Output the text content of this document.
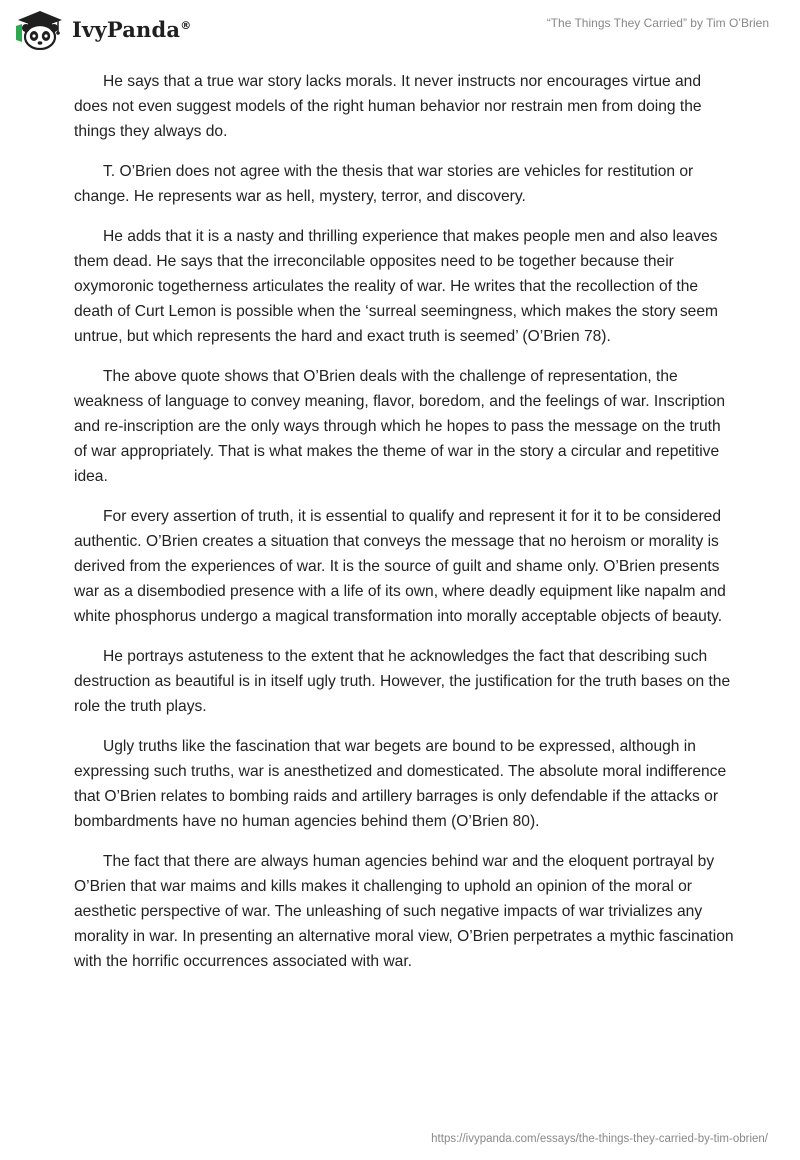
IvyPanda®	“The Things They Carried” by Tim O’Brien

He says that a true war story lacks morals. It never instructs nor encourages virtue and does not even suggest models of the right human behavior nor restrain men from doing the things they always do.

T. O’Brien does not agree with the thesis that war stories are vehicles for restitution or change. He represents war as hell, mystery, terror, and discovery.

He adds that it is a nasty and thrilling experience that makes people men and also leaves them dead. He says that the irreconcilable opposites need to be together because their oxymoronic togetherness articulates the reality of war. He writes that the recollection of the death of Curt Lemon is possible when the ‘surreal seemingness, which makes the story seem untrue, but which represents the hard and exact truth is seemed’ (O’Brien 78).

The above quote shows that O’Brien deals with the challenge of representation, the weakness of language to convey meaning, flavor, boredom, and the feelings of war. Inscription and re-inscription are the only ways through which he hopes to pass the message on the truth of war appropriately. That is what makes the theme of war in the story a circular and repetitive idea.

For every assertion of truth, it is essential to qualify and represent it for it to be considered authentic. O’Brien creates a situation that conveys the message that no heroism or morality is derived from the experiences of war. It is the source of guilt and shame only. O’Brien presents war as a disembodied presence with a life of its own, where deadly equipment like napalm and white phosphorus undergo a magical transformation into morally acceptable objects of beauty.

He portrays astuteness to the extent that he acknowledges the fact that describing such destruction as beautiful is in itself ugly truth. However, the justification for the truth bases on the role the truth plays.

Ugly truths like the fascination that war begets are bound to be expressed, although in expressing such truths, war is anesthetized and domesticated. The absolute moral indifference that O’Brien relates to bombing raids and artillery barrages is only defendable if the attacks or bombardments have no human agencies behind them (O’Brien 80).

The fact that there are always human agencies behind war and the eloquent portrayal by O’Brien that war maims and kills makes it challenging to uphold an opinion of the moral or aesthetic perspective of war. The unleashing of such negative impacts of war trivializes any morality in war. In presenting an alternative moral view, O’Brien perpetrates a mythic fascination with the horrific occurrences associated with war.

https://ivypanda.com/essays/the-things-they-carried-by-tim-obrien/
